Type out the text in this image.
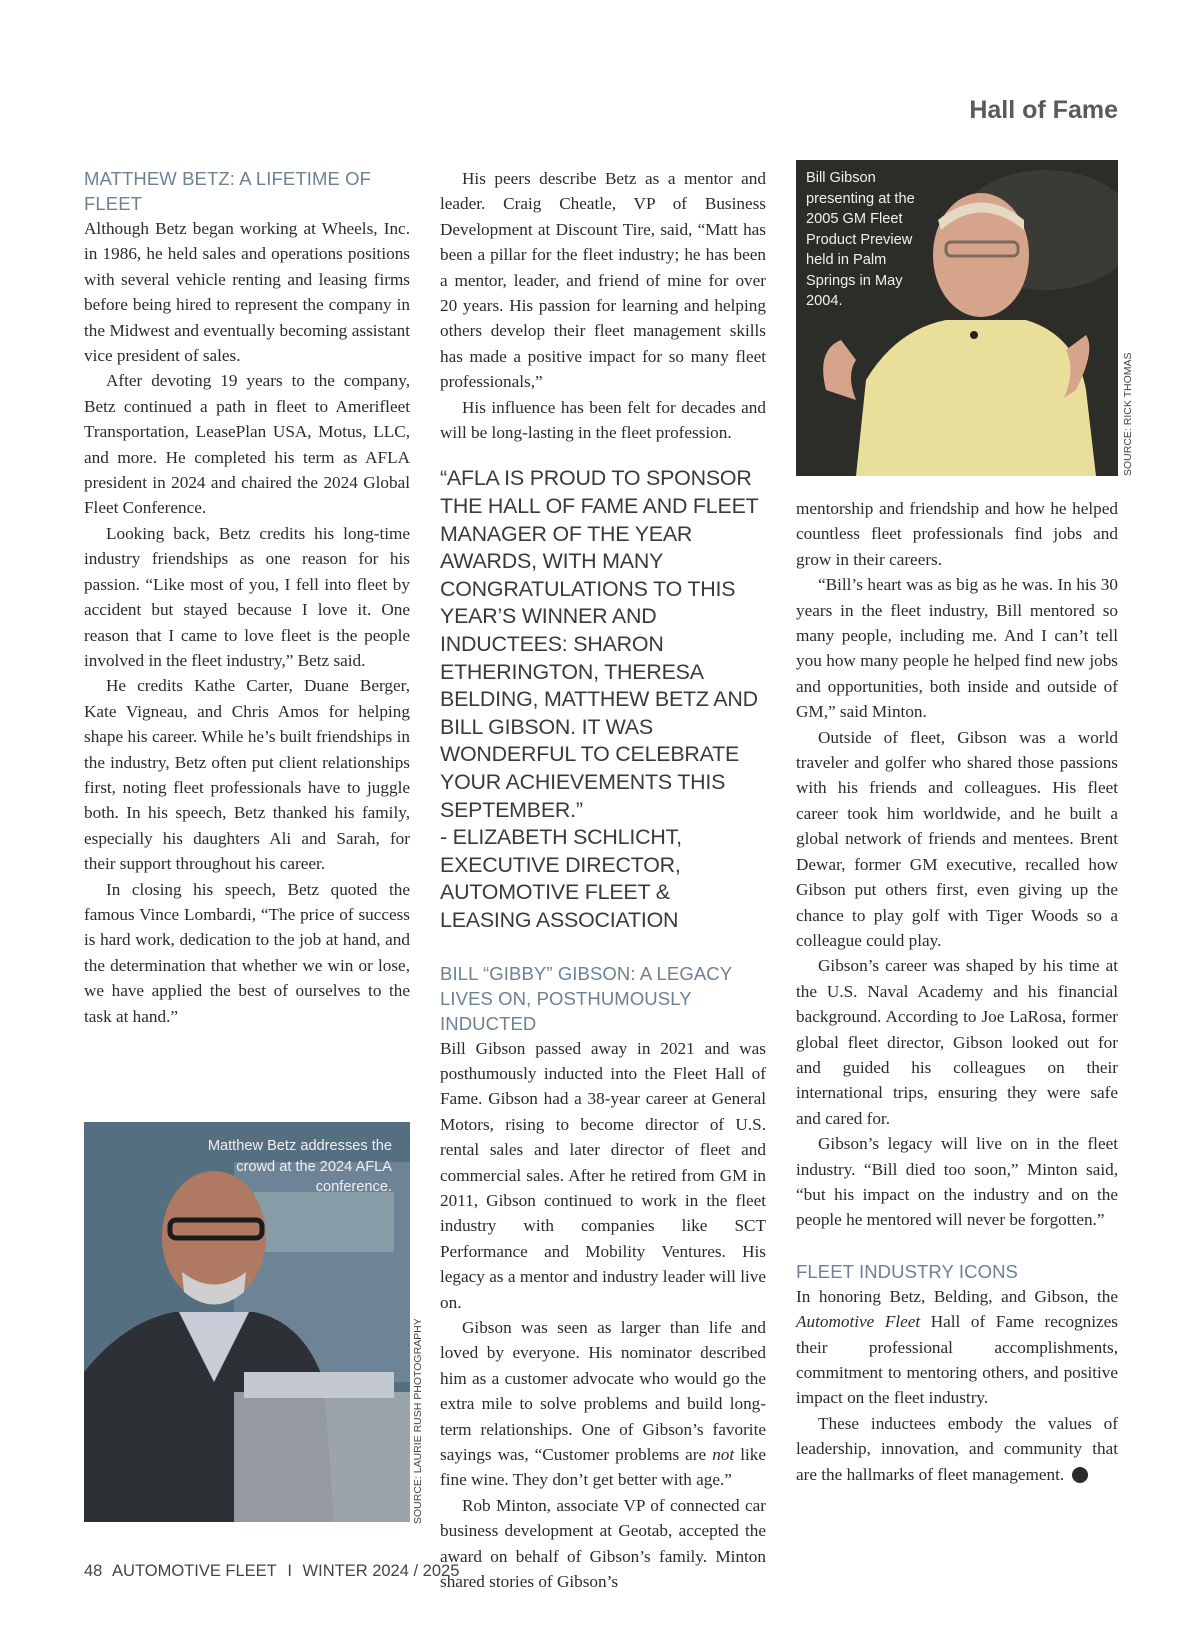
Hall of Fame
MATTHEW BETZ: A LIFETIME OF FLEET

Although Betz began working at Wheels, Inc. in 1986, he held sales and operations positions with several vehicle renting and leasing firms before being hired to represent the company in the Midwest and eventually becoming assistant vice president of sales.

After devoting 19 years to the company, Betz continued a path in fleet to Amerifleet Transportation, LeasePlan USA, Motus, LLC, and more. He completed his term as AFLA president in 2024 and chaired the 2024 Global Fleet Conference.

Looking back, Betz credits his long-time industry friendships as one reason for his passion. “Like most of you, I fell into fleet by accident but stayed because I love it. One reason that I came to love fleet is the people involved in the fleet industry,” Betz said.

He credits Kathe Carter, Duane Berger, Kate Vigneau, and Chris Amos for helping shape his career. While he’s built friendships in the industry, Betz often put client relationships first, noting fleet professionals have to juggle both. In his speech, Betz thanked his family, especially his daughters Ali and Sarah, for their support throughout his career.

In closing his speech, Betz quoted the famous Vince Lombardi, “The price of success is hard work, dedication to the job at hand, and the determination that whether we win or lose, we have applied the best of ourselves to the task at hand.”

Matthew Betz addresses the crowd at the 2024 AFLA conference.
SOURCE: LAURIE RUSH PHOTOGRAPHY

His peers describe Betz as a mentor and leader. Craig Cheatle, VP of Business Development at Discount Tire, said, “Matt has been a pillar for the fleet industry; he has been a mentor, leader, and friend of mine for over 20 years. His passion for learning and helping others develop their fleet management skills has made a positive impact for so many fleet professionals,”

His influence has been felt for decades and will be long-lasting in the fleet profession.

“AFLA IS PROUD TO SPONSOR THE HALL OF FAME AND FLEET MANAGER OF THE YEAR AWARDS, WITH MANY CONGRATULATIONS TO THIS YEAR’S WINNER AND INDUCTEES: SHARON ETHERINGTON, THERESA BELDING, MATTHEW BETZ AND BILL GIBSON. IT WAS WONDERFUL TO CELEBRATE YOUR ACHIEVEMENTS THIS SEPTEMBER.”
- ELIZABETH SCHLICHT, EXECUTIVE DIRECTOR, AUTOMOTIVE FLEET & LEASING ASSOCIATION
BILL “GIBBY” GIBSON: A LEGACY LIVES ON, POSTHUMOUSLY INDUCTED

Bill Gibson passed away in 2021 and was posthumously inducted into the Fleet Hall of Fame. Gibson had a 38-year career at General Motors, rising to become director of U.S. rental sales and later director of fleet and commercial sales. After he retired from GM in 2011, Gibson continued to work in the fleet industry with companies like SCT Performance and Mobility Ventures. His legacy as a mentor and industry leader will live on.

Gibson was seen as larger than life and loved by everyone. His nominator described him as a customer advocate who would go the extra mile to solve problems and build long-term relationships. One of Gibson’s favorite sayings was, “Customer problems are not like fine wine. They don’t get better with age.”

Rob Minton, associate VP of connected car business development at Geotab, accepted the award on behalf of Gibson’s family. Minton shared stories of Gibson’s

Bill Gibson presenting at the 2005 GM Fleet Product Preview held in Palm Springs in May 2004.
SOURCE: RICK THOMAS

mentorship and friendship and how he helped countless fleet professionals find jobs and grow in their careers.

“Bill’s heart was as big as he was. In his 30 years in the fleet industry, Bill mentored so many people, including me. And I can’t tell you how many people he helped find new jobs and opportunities, both inside and outside of GM,” said Minton.

Outside of fleet, Gibson was a world traveler and golfer who shared those passions with his friends and colleagues. His fleet career took him worldwide, and he built a global network of friends and mentees. Brent Dewar, former GM executive, recalled how Gibson put others first, even giving up the chance to play golf with Tiger Woods so a colleague could play.

Gibson’s career was shaped by his time at the U.S. Naval Academy and his financial background. According to Joe LaRosa, former global fleet director, Gibson looked out for and guided his colleagues on their international trips, ensuring they were safe and cared for.

Gibson’s legacy will live on in the fleet industry. “Bill died too soon,” Minton said, “but his impact on the industry and on the people he mentored will never be forgotten.”

FLEET INDUSTRY ICONS

In honoring Betz, Belding, and Gibson, the Automotive Fleet Hall of Fame recognizes their professional accomplishments, commitment to mentoring others, and positive impact on the fleet industry.

These inductees embody the values of leadership, innovation, and community that are the hallmarks of fleet management.	AF

48 AUTOMOTIVE FLEET I WINTER 2024 / 2025
